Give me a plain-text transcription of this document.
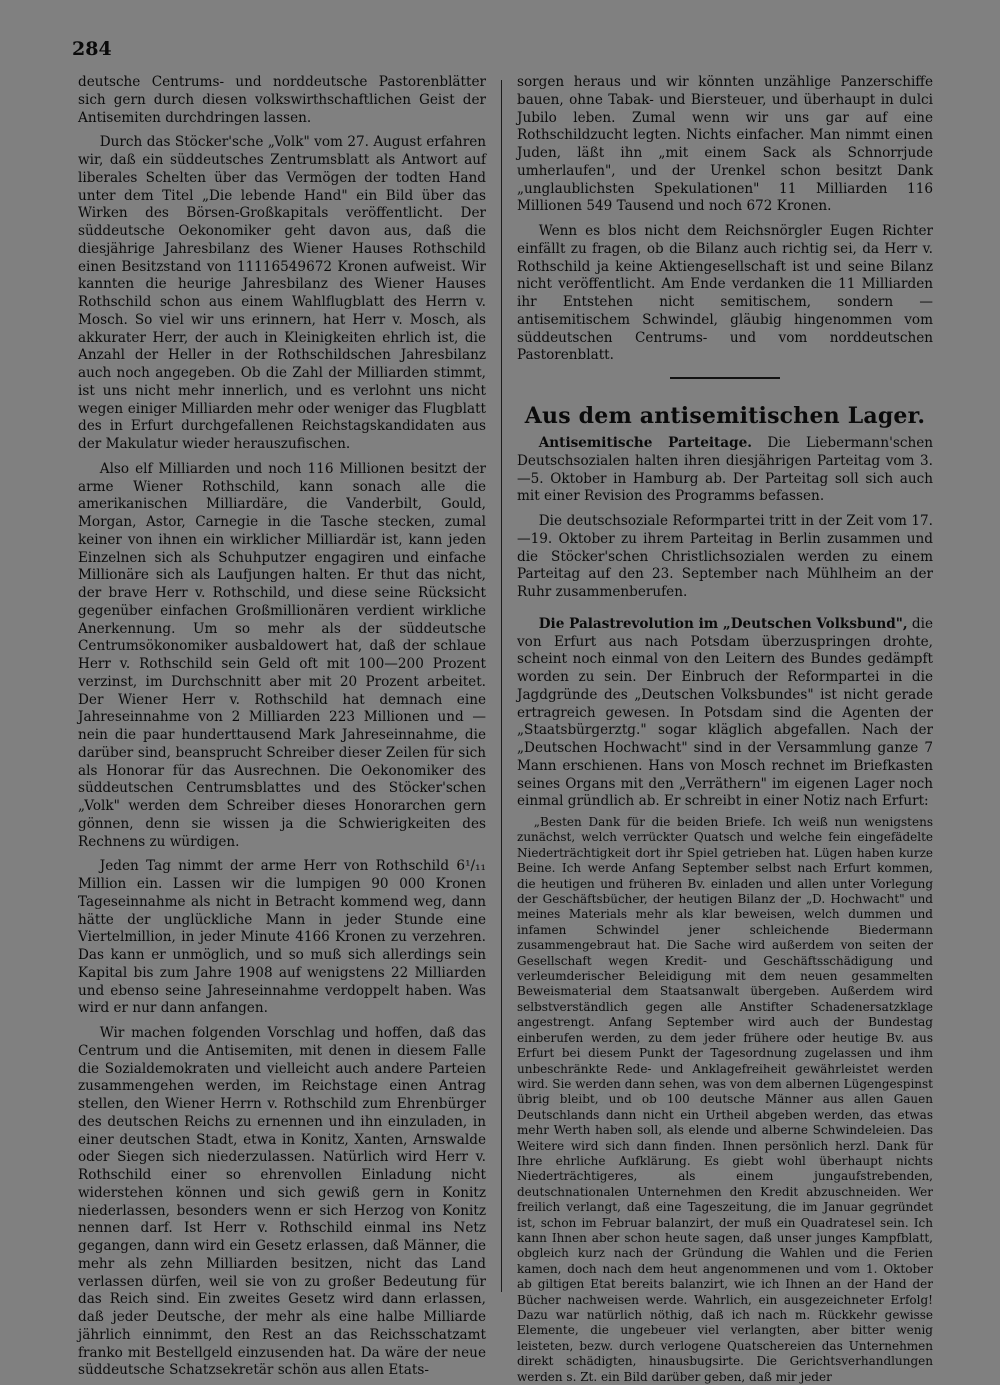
284

deutsche Centrums- und norddeutsche Pastorenblätter sich gern durch diesen volkswirthschaftlichen Geist der Antisemiten durchdringen lassen.

Durch das Stöcker'sche „Volk" vom 27. August erfahren wir, daß ein süddeutsches Zentrumsblatt als Antwort auf liberales Schelten über das Vermögen der todten Hand unter dem Titel „Die lebende Hand" ein Bild über das Wirken des Börsen-Großkapitals veröffentlicht. Der süddeutsche Oekonomiker geht davon aus, daß die diesjährige Jahresbilanz des Wiener Hauses Rothschild einen Besitzstand von 11116549672 Kronen aufweist. Wir kannten die heurige Jahresbilanz des Wiener Hauses Rothschild schon aus einem Wahlflugblatt des Herrn v. Mosch. So viel wir uns erinnern, hat Herr v. Mosch, als akkurater Herr, der auch in Kleinigkeiten ehrlich ist, die Anzahl der Heller in der Rothschildschen Jahresbilanz auch noch angegeben. Ob die Zahl der Milliarden stimmt, ist uns nicht mehr innerlich, und es verlohnt uns nicht wegen einiger Milliarden mehr oder weniger das Flugblatt des in Erfurt durchgefallenen Reichstagskandidaten aus der Makulatur wieder herauszufischen.

Also elf Milliarden und noch 116 Millionen besitzt der arme Wiener Rothschild, kann sonach alle die amerikanischen Milliardäre, die Vanderbilt, Gould, Morgan, Astor, Carnegie in die Tasche stecken, zumal keiner von ihnen ein wirklicher Milliardär ist, kann jeden Einzelnen sich als Schuhputzer engagiren und einfache Millionäre sich als Laufjungen halten. Er thut das nicht, der brave Herr v. Rothschild, und diese seine Rücksicht gegenüber einfachen Großmillionären verdient wirkliche Anerkennung. Um so mehr als der süddeutsche Centrumsökonomiker ausbaldowert hat, daß der schlaue Herr v. Rothschild sein Geld oft mit 100—200 Prozent verzinst, im Durchschnitt aber mit 20 Prozent arbeitet. Der Wiener Herr v. Rothschild hat demnach eine Jahreseinnahme von 2 Milliarden 223 Millionen und — nein die paar hunderttausend Mark Jahreseinnahme, die darüber sind, beansprucht Schreiber dieser Zeilen für sich als Honorar für das Ausrechnen. Die Oekonomiker des süddeutschen Centrumsblattes und des Stöcker'schen „Volk" werden dem Schreiber dieses Honorarchen gern gönnen, denn sie wissen ja die Schwierigkeiten des Rechnens zu würdigen.

Jeden Tag nimmt der arme Herr von Rothschild 6¹/₁₁ Million ein. Lassen wir die lumpigen 90 000 Kronen Tageseinnahme als nicht in Betracht kommend weg, dann hätte der unglückliche Mann in jeder Stunde eine Viertelmillion, in jeder Minute 4166 Kronen zu verzehren. Das kann er unmöglich, und so muß sich allerdings sein Kapital bis zum Jahre 1908 auf wenigstens 22 Milliarden und ebenso seine Jahreseinnahme verdoppelt haben. Was wird er nur dann anfangen.

Wir machen folgenden Vorschlag und hoffen, daß das Centrum und die Antisemiten, mit denen in diesem Falle die Sozialdemokraten und vielleicht auch andere Parteien zusammengehen werden, im Reichstage einen Antrag stellen, den Wiener Herrn v. Rothschild zum Ehrenbürger des deutschen Reichs zu ernennen und ihn einzuladen, in einer deutschen Stadt, etwa in Konitz, Xanten, Arnswalde oder Siegen sich niederzulassen. Natürlich wird Herr v. Rothschild einer so ehrenvollen Einladung nicht widerstehen können und sich gewiß gern in Konitz niederlassen, besonders wenn er sich Herzog von Konitz nennen darf. Ist Herr v. Rothschild einmal ins Netz gegangen, dann wird ein Gesetz erlassen, daß Männer, die mehr als zehn Milliarden besitzen, nicht das Land verlassen dürfen, weil sie von zu großer Bedeutung für das Reich sind. Ein zweites Gesetz wird dann erlassen, daß jeder Deutsche, der mehr als eine halbe Milliarde jährlich einnimmt, den Rest an das Reichsschatzamt franko mit Bestellgeld einzusenden hat. Da wäre der neue süddeutsche Schatzsekretär schön aus allen Etats-

sorgen heraus und wir könnten unzählige Panzerschiffe bauen, ohne Tabak- und Biersteuer, und überhaupt in dulci Jubilo leben. Zumal wenn wir uns gar auf eine Rothschildzucht legten. Nichts einfacher. Man nimmt einen Juden, läßt ihn „mit einem Sack als Schnorrjude umherlaufen", und der Urenkel schon besitzt Dank „unglaublichsten Spekulationen" 11 Milliarden 116 Millionen 549 Tausend und noch 672 Kronen.

Wenn es blos nicht dem Reichsnörgler Eugen Richter einfällt zu fragen, ob die Bilanz auch richtig sei, da Herr v. Rothschild ja keine Aktiengesellschaft ist und seine Bilanz nicht veröffentlicht. Am Ende verdanken die 11 Milliarden ihr Entstehen nicht semitischem, sondern — antisemitischem Schwindel, gläubig hingenommen vom süddeutschen Centrums- und vom norddeutschen Pastorenblatt.

Aus dem antisemitischen Lager.

Antisemitische Parteitage. Die Liebermann'schen Deutschsozialen halten ihren diesjährigen Parteitag vom 3.—5. Oktober in Hamburg ab. Der Parteitag soll sich auch mit einer Revision des Programms befassen.

Die deutschsoziale Reformpartei tritt in der Zeit vom 17.—19. Oktober zu ihrem Parteitag in Berlin zusammen und die Stöcker'schen Christlichsozialen werden zu einem Parteitag auf den 23. September nach Mühlheim an der Ruhr zusammenberufen.

Die Palastrevolution im „Deutschen Volksbund", die von Erfurt aus nach Potsdam überzuspringen drohte, scheint noch einmal von den Leitern des Bundes gedämpft worden zu sein. Der Einbruch der Reformpartei in die Jagdgründe des „Deutschen Volksbundes" ist nicht gerade ertragreich gewesen. In Potsdam sind die Agenten der „Staatsbürgerztg." sogar kläglich abgefallen. Nach der „Deutschen Hochwacht" sind in der Versammlung ganze 7 Mann erschienen. Hans von Mosch rechnet im Briefkasten seines Organs mit den „Verräthern" im eigenen Lager noch einmal gründlich ab. Er schreibt in einer Notiz nach Erfurt:

„Besten Dank für die beiden Briefe. Ich weiß nun wenigstens zunächst, welch verrückter Quatsch und welche fein eingefädelte Niederträchtigkeit dort ihr Spiel getrieben hat. Lügen haben kurze Beine. Ich werde Anfang September selbst nach Erfurt kommen, die heutigen und früheren Bv. einladen und allen unter Vorlegung der Geschäftsbücher, der heutigen Bilanz der „D. Hochwacht" und meines Materials mehr als klar beweisen, welch dummen und infamen Schwindel jener schleichende Biedermann zusammengebraut hat. Die Sache wird außerdem von seiten der Gesellschaft wegen Kredit- und Geschäftsschädigung und verleumderischer Beleidigung mit dem neuen gesammelten Beweismaterial dem Staatsanwalt übergeben. Außerdem wird selbstverständlich gegen alle Anstifter Schadenersatzklage angestrengt. Anfang September wird auch der Bundestag einberufen werden, zu dem jeder frühere oder heutige Bv. aus Erfurt bei diesem Punkt der Tagesordnung zugelassen und ihm unbeschränkte Rede- und Anklagefreiheit gewährleistet werden wird. Sie werden dann sehen, was von dem albernen Lügengespinst übrig bleibt, und ob 100 deutsche Männer aus allen Gauen Deutschlands dann nicht ein Urtheil abgeben werden, das etwas mehr Werth haben soll, als elende und alberne Schwindeleien. Das Weitere wird sich dann finden. Ihnen persönlich herzl. Dank für Ihre ehrliche Aufklärung. Es giebt wohl überhaupt nichts Niederträchtigeres, als einem jungaufstrebenden, deutschnationalen Unternehmen den Kredit abzuschneiden. Wer freilich verlangt, daß eine Tageszeitung, die im Januar gegründet ist, schon im Februar balanzirt, der muß ein Quadratesel sein. Ich kann Ihnen aber schon heute sagen, daß unser junges Kampfblatt, obgleich kurz nach der Gründung die Wahlen und die Ferien kamen, doch nach dem heut angenommenen und vom 1. Oktober ab giltigen Etat bereits balanzirt, wie ich Ihnen an der Hand der Bücher nachweisen werde. Wahrlich, ein ausgezeichneter Erfolg! Dazu war natürlich nöthig, daß ich nach m. Rückkehr gewisse Elemente, die ungebeuer viel verlangten, aber bitter wenig leisteten, bezw. durch verlogene Quatschereien das Unternehmen direkt schädigten, hinausbugsirte. Die Gerichtsverhandlungen werden s. Zt. ein Bild darüber geben, daß mir jeder
